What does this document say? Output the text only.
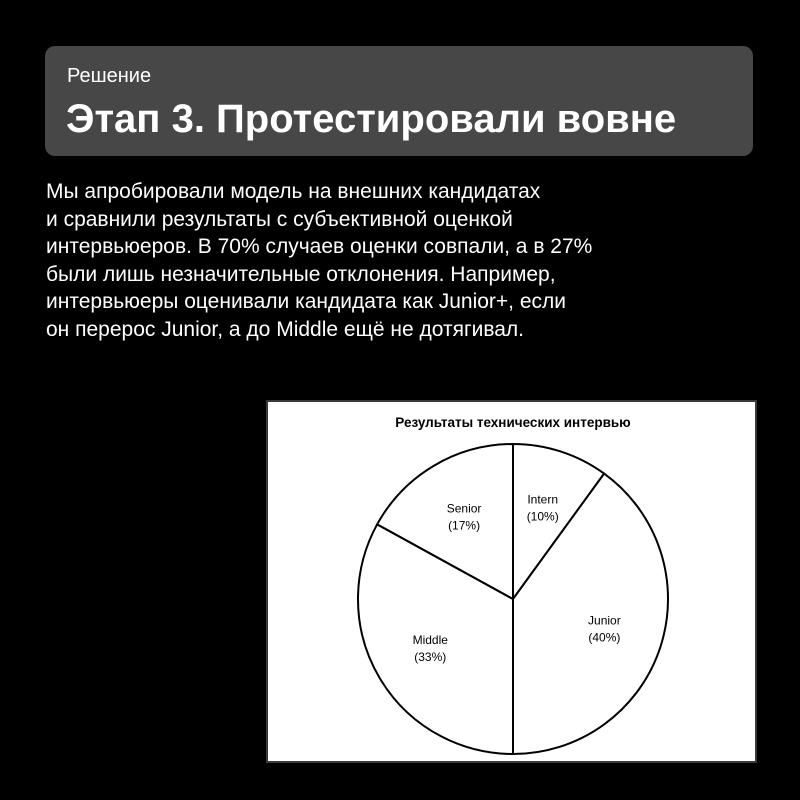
Решение
Этап 3. Протестировали вовне
Мы апробировали модель на внешних кандидатах
и сравнили результаты с субъективной оценкой
интервьюеров. В 70% случаев оценки совпали, а в 27%
были лишь незначительные отклонения. Например,
интервьюеры оценивали кандидата как Junior+, если
он перерос Junior, а до Middle ещё не дотягивал.
Результаты технических интервью
Intern
(10%)
Junior
(40%)
Middle
(33%)
Senior
(17%)
